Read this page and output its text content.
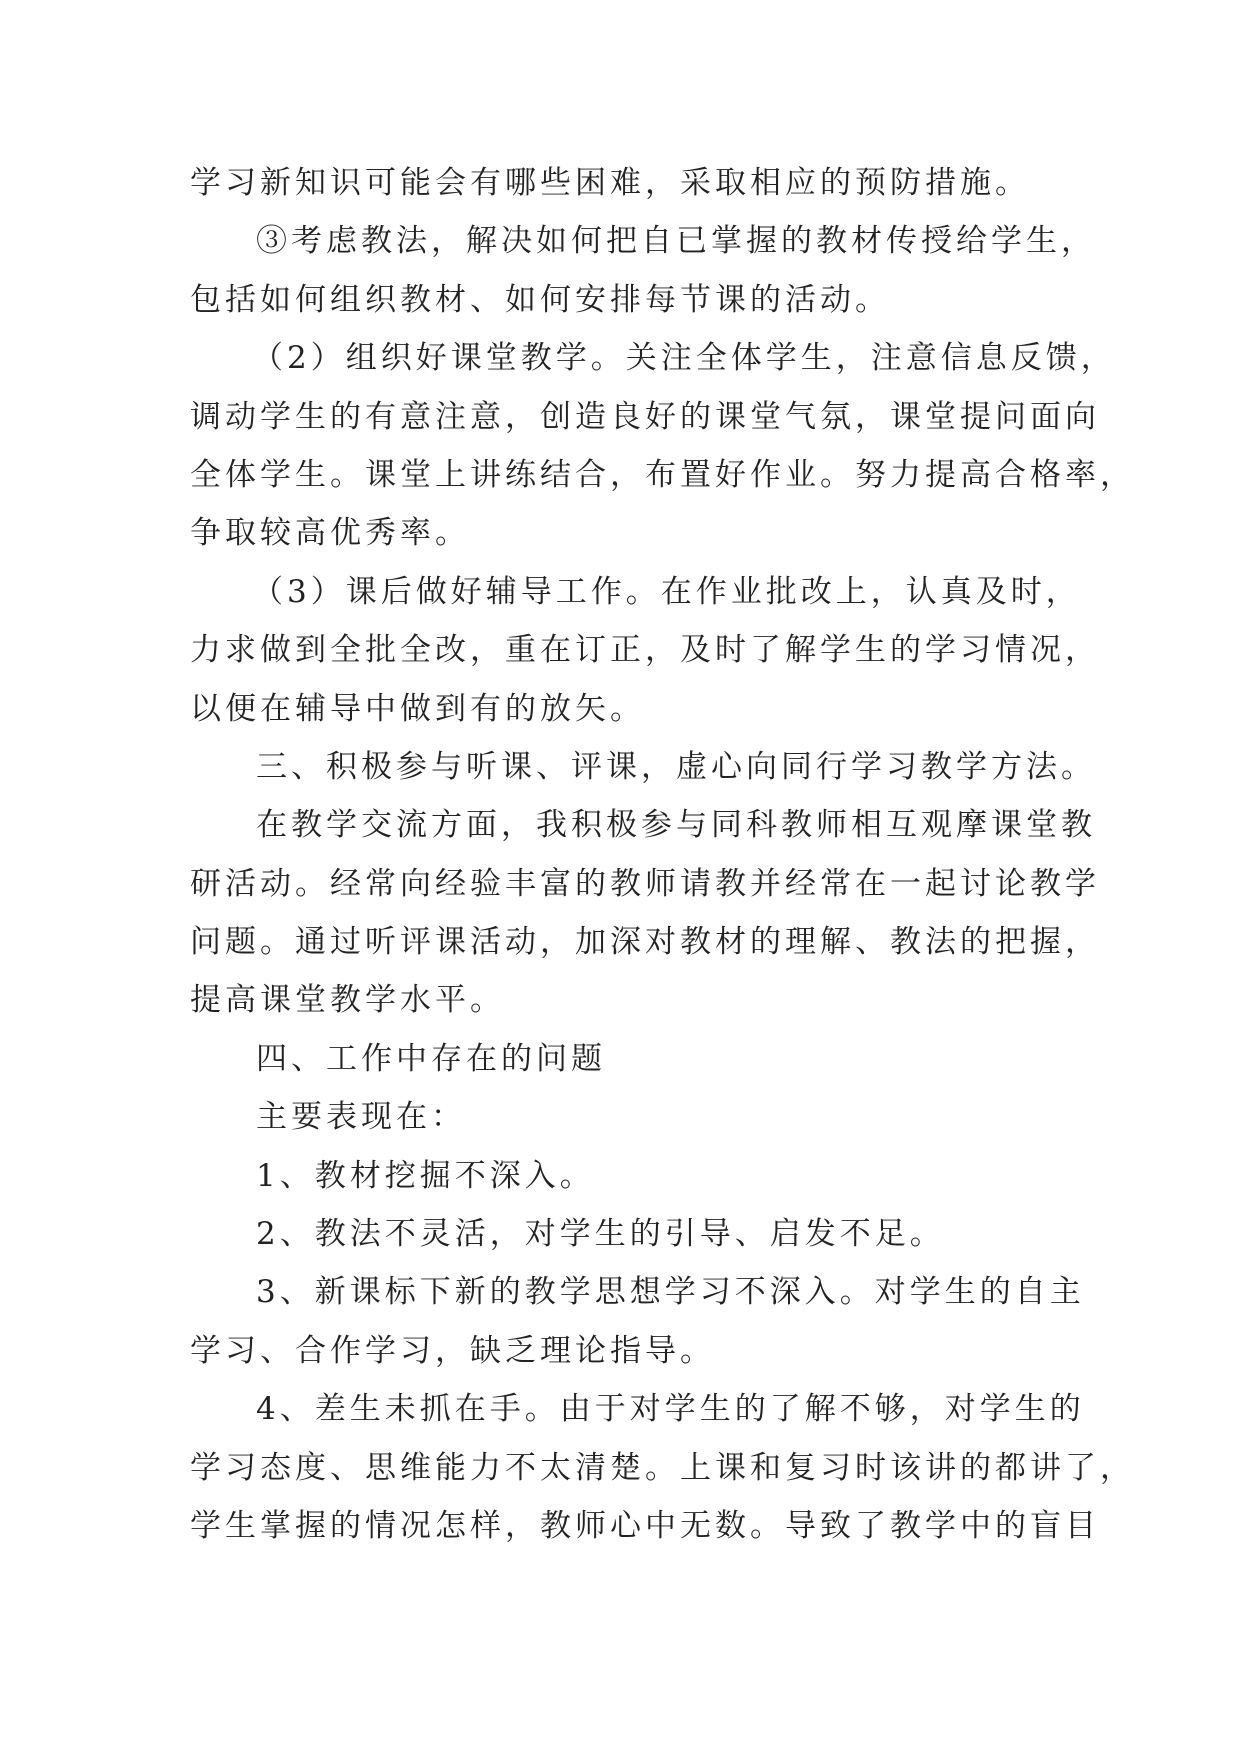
学习新知识可能会有哪些困难，采取相应的预防措施。
③考虑教法，解决如何把自已掌握的教材传授给学生，
包括如何组织教材、如何安排每节课的活动。
（2）组织好课堂教学。关注全体学生，注意信息反馈，
调动学生的有意注意，创造良好的课堂气氛，课堂提问面向
全体学生。课堂上讲练结合，布置好作业。努力提高合格率，
争取较高优秀率。
（3）课后做好辅导工作。在作业批改上，认真及时，
力求做到全批全改，重在订正，及时了解学生的学习情况，
以便在辅导中做到有的放矢。
三、积极参与听课、评课，虚心向同行学习教学方法。
在教学交流方面，我积极参与同科教师相互观摩课堂教
研活动。经常向经验丰富的教师请教并经常在一起讨论教学
问题。通过听评课活动，加深对教材的理解、教法的把握，
提高课堂教学水平。
四、工作中存在的问题
主要表现在：
1、教材挖掘不深入。
2、教法不灵活，对学生的引导、启发不足。
3、新课标下新的教学思想学习不深入。对学生的自主
学习、合作学习，缺乏理论指导。
4、差生未抓在手。由于对学生的了解不够，对学生的
学习态度、思维能力不太清楚。上课和复习时该讲的都讲了，
学生掌握的情况怎样，教师心中无数。导致了教学中的盲目
